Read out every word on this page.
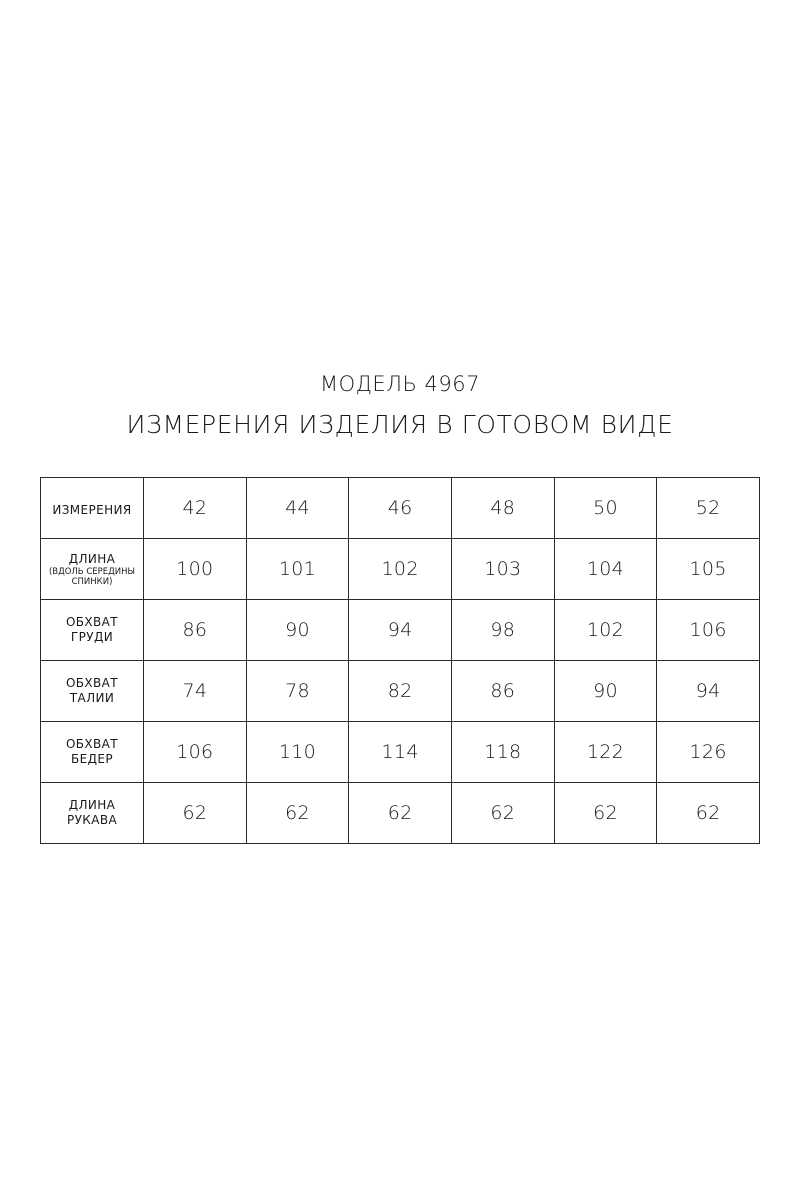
МОДЕЛЬ 4967
ИЗМЕРЕНИЯ ИЗДЕЛИЯ В ГОТОВОМ ВИДЕ
ИЗМЕРЕНИЯ	42	44	46	48	50	52

ДЛИНА
(ВДОЛЬ СЕРЕДИНЫ СПИНКИ)	100	101	102	103	104	105

ОБХВАТ
ГРУДИ	86	90	94	98	102	106

ОБХВАТ
ТАЛИИ	74	78	82	86	90	94

ОБХВАТ
БЕДЕР	106	110	114	118	122	126

ДЛИНА
РУКАВА	62	62	62	62	62	62
